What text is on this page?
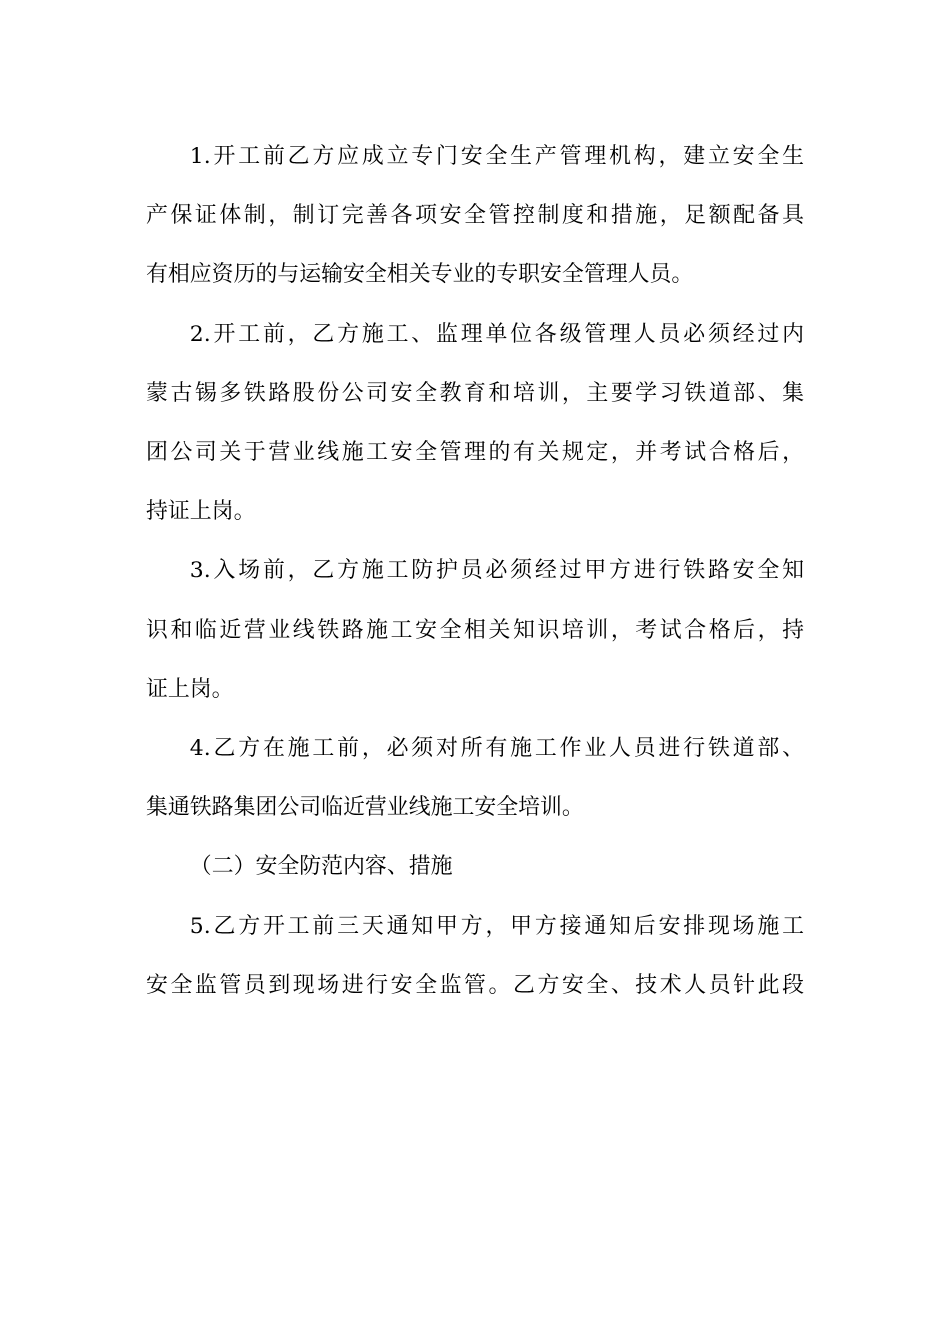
1.开工前乙方应成立专门安全生产管理机构，建立安全生
产保证体制，制订完善各项安全管控制度和措施，足额配备具
有相应资历的与运输安全相关专业的专职安全管理人员。
2.开工前，乙方施工、监理单位各级管理人员必须经过内
蒙古锡多铁路股份公司安全教育和培训，主要学习铁道部、集
团公司关于营业线施工安全管理的有关规定，并考试合格后，
持证上岗。
3.入场前，乙方施工防护员必须经过甲方进行铁路安全知
识和临近营业线铁路施工安全相关知识培训，考试合格后，持
证上岗。
4.乙方在施工前，必须对所有施工作业人员进行铁道部、
集通铁路集团公司临近营业线施工安全培训。
（二）安全防范内容、措施
5.乙方开工前三天通知甲方，甲方接通知后安排现场施工
安全监管员到现场进行安全监管。乙方安全、技术人员针此段
